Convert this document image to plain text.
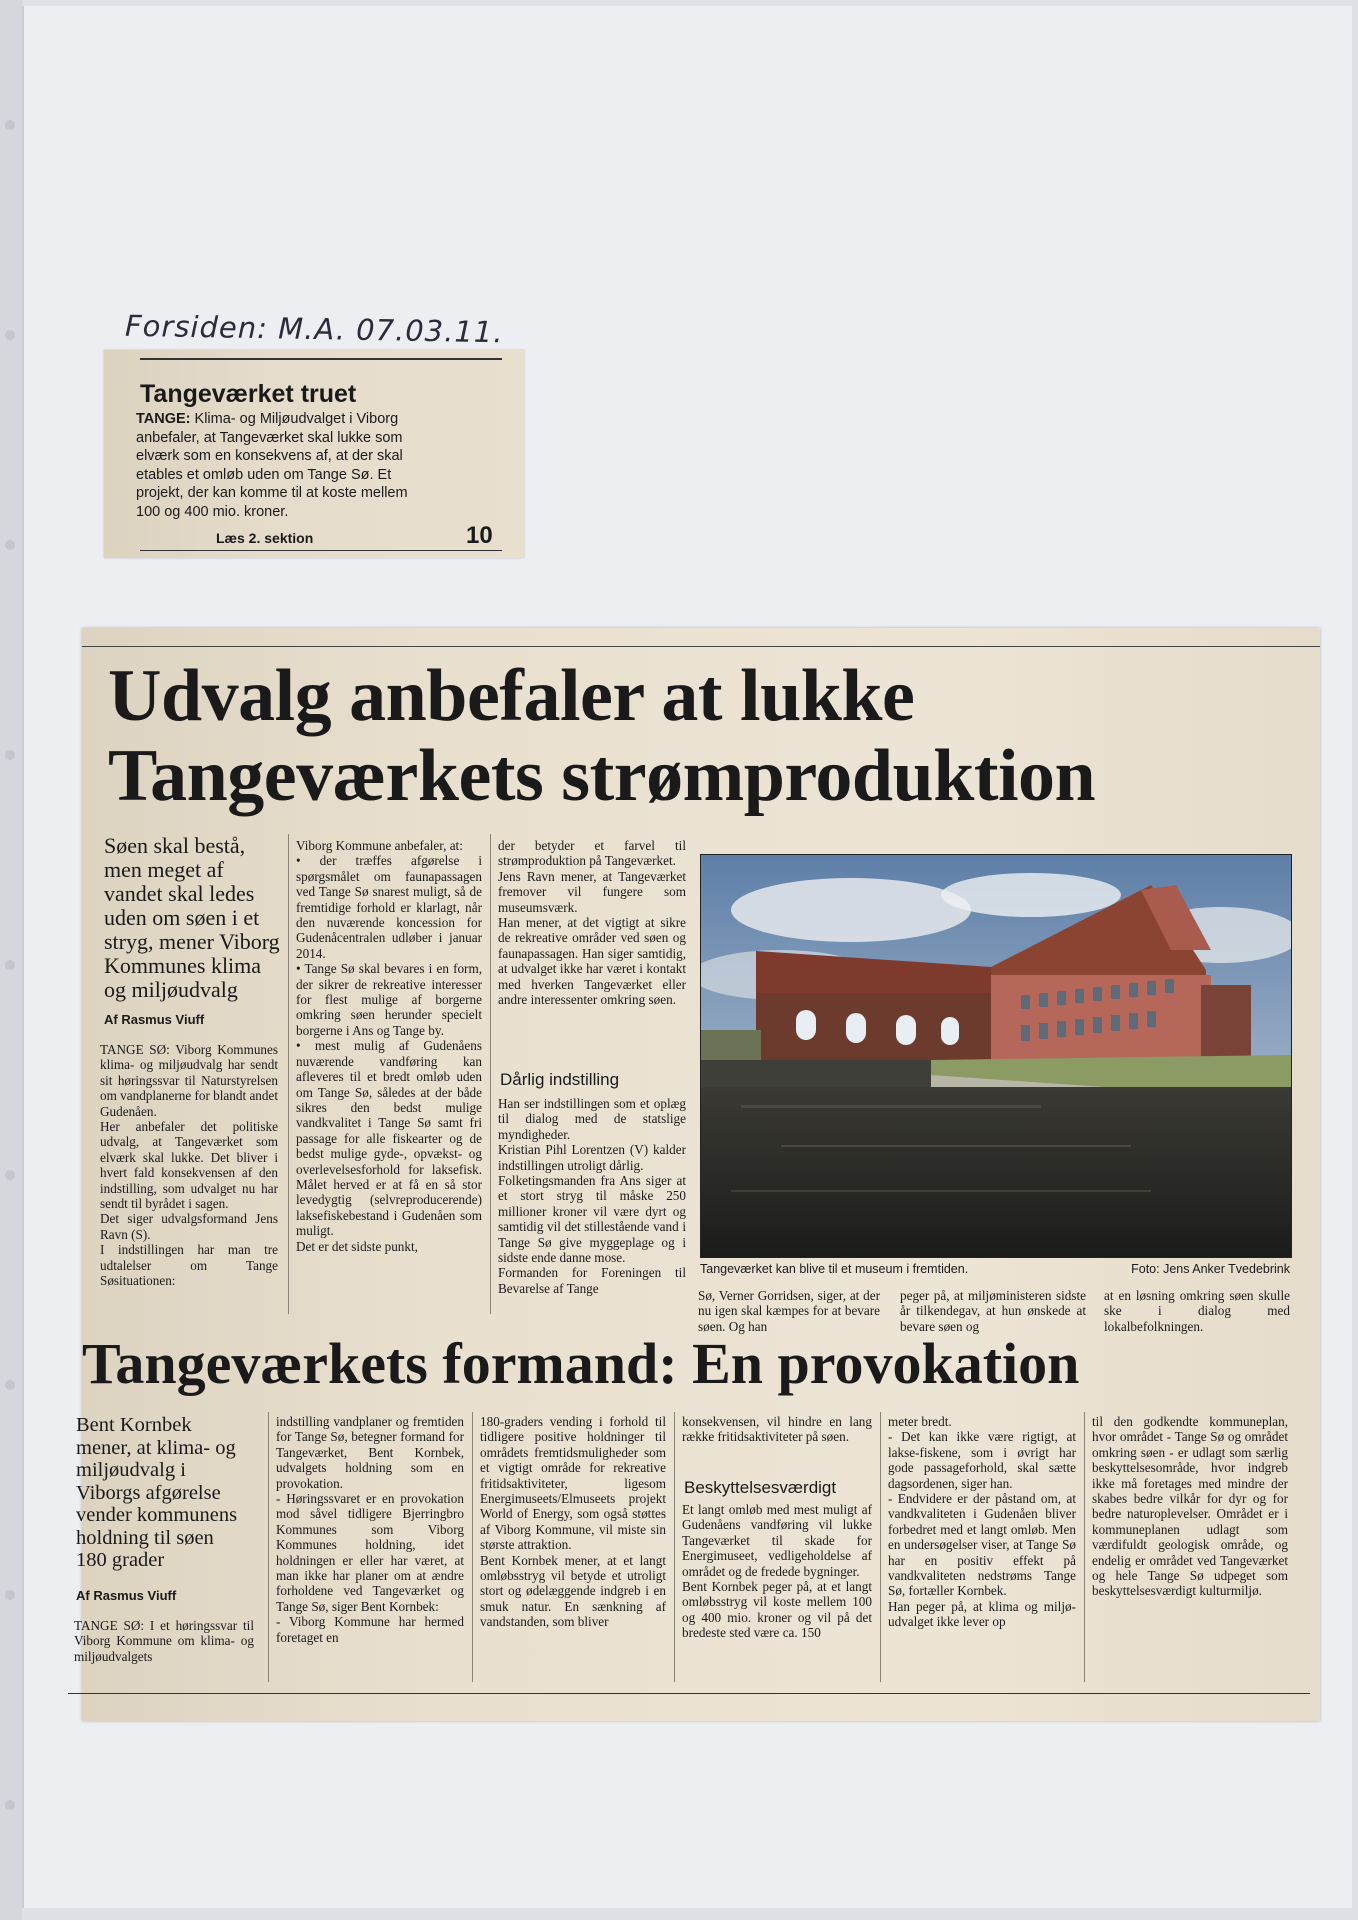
Forsiden: M.A. 07.03.11.
Tangeværket truet
TANGE: Klima- og Miljøudvalget i Viborg anbefaler, at Tangeværket skal lukke som elværk som en konsekvens af, at der skal etables et omløb uden om Tange Sø. Et projekt, der kan komme til at koste mellem 100 og 400 mio. kroner.
Læs 2. sektion	10
Udvalg anbefaler at lukke Tangeværkets strømproduktion
Søen skal bestå,
men meget af
vandet skal ledes
uden om søen i et
stryg, mener Viborg
Kommunes klima
og miljøudvalg
Af Rasmus Viuff
TANGE SØ: Viborg Kommunes klima- og miljøudvalg har sendt sit høringssvar til Naturstyrelsen om vandplanerne for blandt andet Gudenåen.
Her anbefaler det politiske udvalg, at Tangeværket som elværk skal lukke. Det bliver i hvert fald konsekvensen af den indstilling, som udvalget nu har sendt til byrådet i sagen.
Det siger udvalgsformand Jens Ravn (S).
I indstillingen har man tre udtalelser om Tange Søsituationen:
Viborg Kommune anbefaler, at:
• der træffes afgørelse i spørgsmålet om faunapassagen ved Tange Sø snarest muligt, så de fremtidige forhold er klarlagt, når den nuværende koncession for Gudenåcentralen udløber i januar 2014.
• Tange Sø skal bevares i en form, der sikrer de rekreative interesser for flest mulige af borgerne omkring søen herunder specielt borgerne i Ans og Tange by.
• mest mulig af Gudenåens nuværende vandføring kan afleveres til et bredt omløb uden om Tange Sø, således at der både sikres den bedst mulige vandkvalitet i Tange Sø samt fri passage for alle fiskearter og de bedst mulige gyde-, opvækst- og overlevelsesforhold for laksefisk. Målet herved er at få en så stor levedygtig (selvreproducerende) laksefiskebestand i Gudenåen som muligt.
Det er det sidste punkt,
der betyder et farvel til strømproduktion på Tangeværket.
Jens Ravn mener, at Tangeværket fremover vil fungere som museumsværk.
Han mener, at det vigtigt at sikre de rekreative områder ved søen og faunapassagen. Han siger samtidig, at udvalget ikke har været i kontakt med hverken Tangeværket eller andre interessenter omkring søen.
Dårlig indstilling
Han ser indstillingen som et oplæg til dialog med de statslige myndigheder.
Kristian Pihl Lorentzen (V) kalder indstillingen utroligt dårlig.
Folketingsmanden fra Ans siger at et stort stryg til måske 250 millioner kroner vil være dyrt og samtidig vil det stillestående vand i Tange Sø give myggeplage og i sidste ende danne mose.
Formanden for Foreningen til Bevarelse af Tange
Tangeværket kan blive til et museum i fremtiden.	Foto: Jens Anker Tvedebrink
Sø, Verner Gorridsen, siger, at der nu igen skal kæmpes for at bevare søen. Og han
peger på, at miljøministeren sidste år tilkendegav, at hun ønskede at bevare søen og
at en løsning omkring søen skulle ske i dialog med lokalbefolkningen.
Tangeværkets formand: En provokation
Bent Kornbek
mener, at klima- og
miljøudvalg i
Viborgs afgørelse
vender kommunens
holdning til søen
180 grader
Af Rasmus Viuff
TANGE SØ: I et høringssvar til Viborg Kommune om klima- og miljøudvalgets
indstilling vandplaner og fremtiden for Tange Sø, betegner formand for Tangeværket, Bent Kornbek, udvalgets holdning som en provokation.
- Høringssvaret er en provokation mod såvel tidligere Bjerringbro Kommunes som Viborg Kommunes holdning, idet holdningen er eller har været, at man ikke har planer om at ændre forholdene ved Tangeværket og Tange Sø, siger Bent Kornbek:
- Viborg Kommune har hermed foretaget en
180-graders vending i forhold til tidligere positive holdninger til områdets fremtidsmuligheder som et vigtigt område for rekreative fritidsaktiviteter, ligesom Energimuseets/Elmuseets projekt World of Energy, som også støttes af Viborg Kommune, vil miste sin største attraktion.
Bent Kornbek mener, at et langt omløbsstryg vil betyde et utroligt stort og ødelæggende indgreb i en smuk natur. En sænkning af vandstanden, som bliver
konsekvensen, vil hindre en lang række fritidsaktiviteter på søen.
Beskyttelsesværdigt
Et langt omløb med mest muligt af Gudenåens vandføring vil lukke Tangeværket til skade for Energimuseet, vedligeholdelse af området og de fredede bygninger.
Bent Kornbek peger på, at et langt omløbsstryg vil koste mellem 100 og 400 mio. kroner og vil på det bredeste sted være ca. 150
meter bredt.
- Det kan ikke være rigtigt, at lakse-fiskene, som i øvrigt har gode passageforhold, skal sætte dagsordenen, siger han.
- Endvidere er der påstand om, at vandkvaliteten i Gudenåen bliver forbedret med et langt omløb. Men en undersøgelser viser, at Tange Sø har en positiv effekt på vandkvaliteten nedstrøms Tange Sø, fortæller Kornbek.
Han peger på, at klima og miljø-udvalget ikke lever op
til den godkendte kommuneplan, hvor området - Tange Sø og området omkring søen - er udlagt som særlig beskyttelsesområde, hvor indgreb ikke må foretages med mindre der skabes bedre vilkår for dyr og for bedre naturoplevelser. Området er i kommuneplanen udlagt som værdifuldt geologisk område, og endelig er området ved Tangeværket og hele Tange Sø udpeget som beskyttelsesværdigt kulturmiljø.
